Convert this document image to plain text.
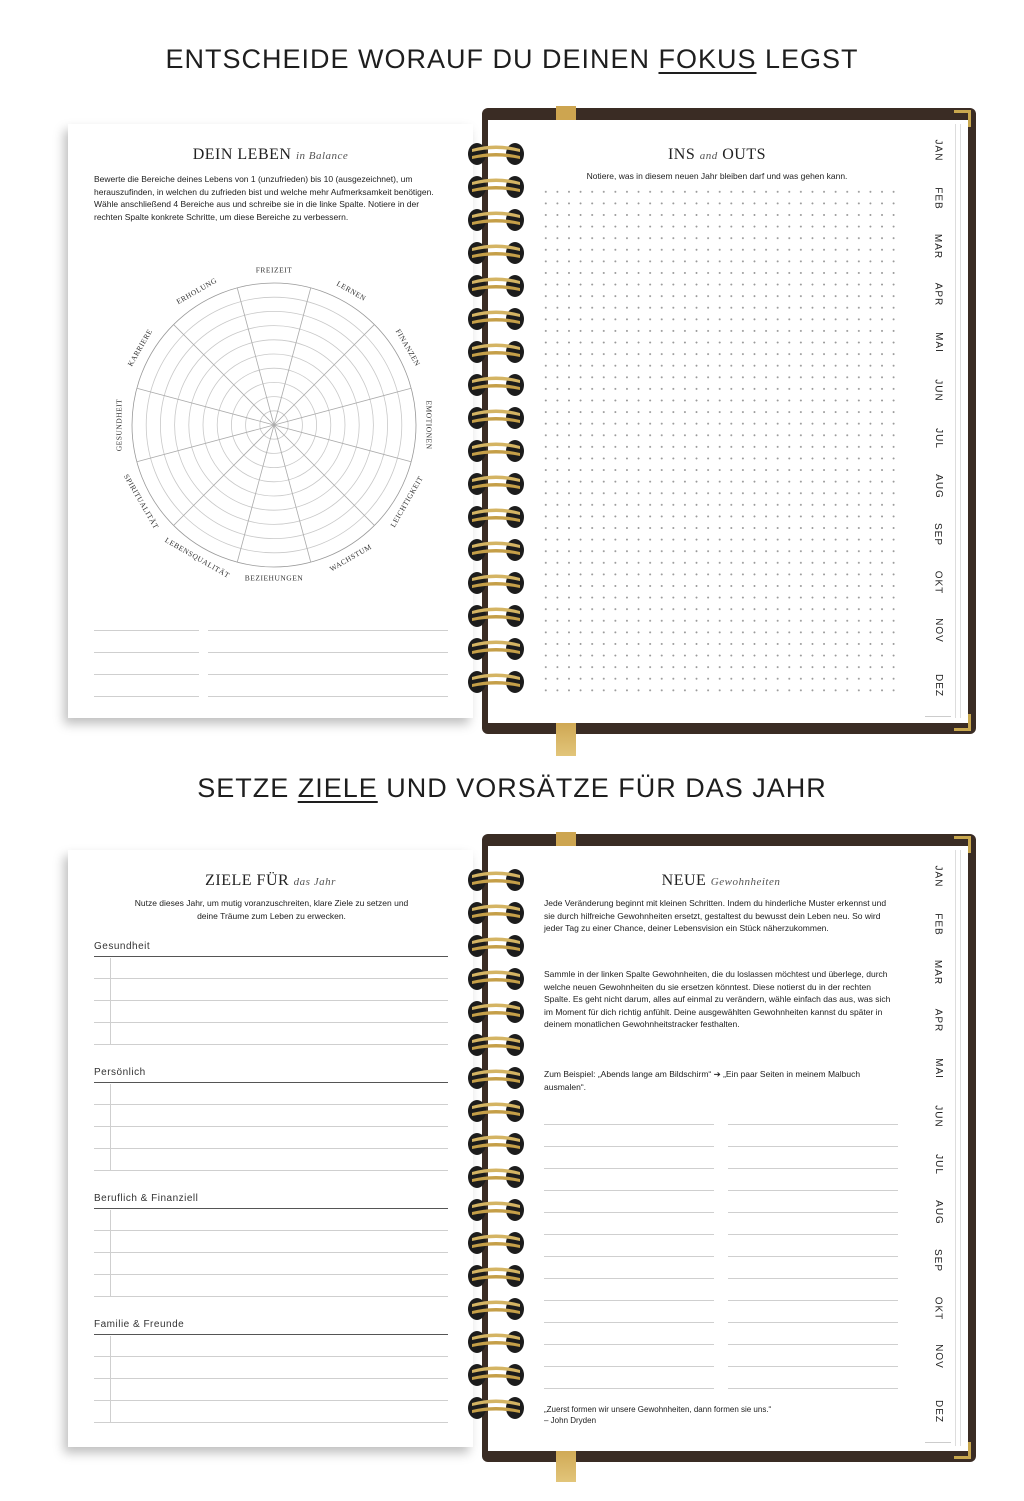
ENTSCHEIDE WORAUF DU DEINEN FOKUS LEGST
JAN
FEB
MAR
APR
MAI
JUN
JUL
AUG
SEP
OKT
NOV
DEZ
DEIN LEBEN in Balance
Bewerte die Bereiche deines Lebens von 1 (unzufrieden) bis 10 (ausgezeichnet), um herauszufinden, in welchen du zufrieden bist und welche mehr Aufmerksamkeit benötigen. Wähle anschließend 4 Bereiche aus und schreibe sie in die linke Spalte. Notiere in der rechten Spalte konkrete Schritte, um diese Bereiche zu verbessern.
FREIZEIT
LERNEN
FINANZEN
EMOTIONEN
LEICHTIGKEIT
WACHSTUM
BEZIEHUNGEN
LEBENSQUALITÄT
SPIRITUALITÄT
GESUNDHEIT
KARRIERE
ERHOLUNG
INS and OUTS
Notiere, was in diesem neuen Jahr bleiben darf und was gehen kann.
SETZE ZIELE UND VORSÄTZE FÜR DAS JAHR
JAN
FEB
MAR
APR
MAI
JUN
JUL
AUG
SEP
OKT
NOV
DEZ
ZIELE FÜR das Jahr
Nutze dieses Jahr, um mutig voranzuschreiten, klare Ziele zu setzen und deine Träume zum Leben zu erwecken.
Gesundheit
Persönlich
Beruflich & Finanziell
Familie & Freunde
NEUE Gewohnheiten
Jede Veränderung beginnt mit kleinen Schritten. Indem du hinderliche Muster erkennst und sie durch hilfreiche Gewohnheiten ersetzt, gestaltest du bewusst dein Leben neu. So wird jeder Tag zu einer Chance, deiner Lebensvision ein Stück näherzukommen.
Sammle in der linken Spalte Gewohnheiten, die du loslassen möchtest und überlege, durch welche neuen Gewohnheiten du sie ersetzen könntest. Diese notierst du in der rechten Spalte. Es geht nicht darum, alles auf einmal zu verändern, wähle einfach das aus, was sich im Moment für dich richtig anfühlt. Deine ausgewählten Gewohnheiten kannst du später in deinem monatlichen Gewohnheitstracker festhalten.
Zum Beispiel: „Abends lange am Bildschirm“ ➔ „Ein paar Seiten in meinem Malbuch ausmalen“.
„Zuerst formen wir unsere Gewohnheiten, dann formen sie uns.“
– John Dryden
